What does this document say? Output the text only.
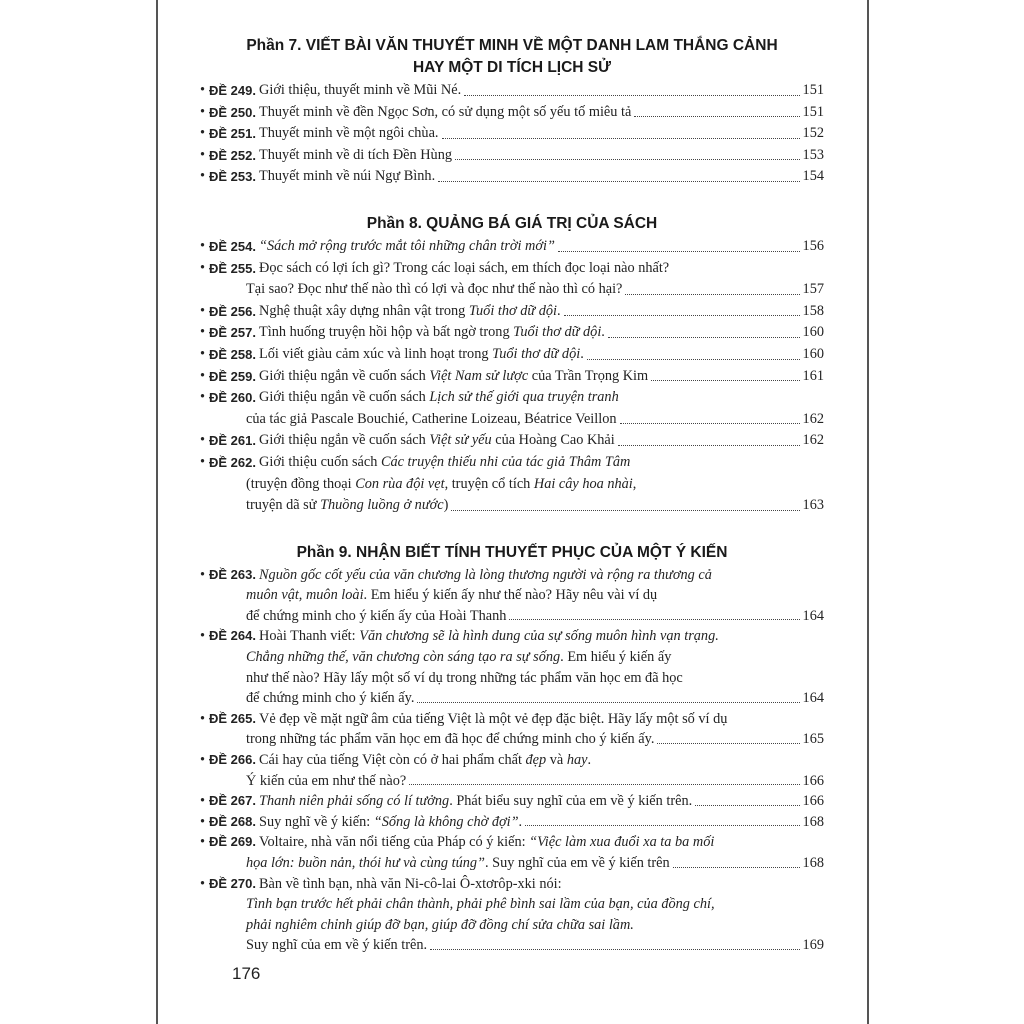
Phần 7. VIẾT BÀI VĂN THUYẾT MINH VỀ MỘT DANH LAM THẮNG CẢNH
HAY MỘT DI TÍCH LỊCH SỬ
• ĐỀ 249 . Giới thiệu, thuyết minh về Mũi Né.	151
• ĐỀ 250 . Thuyết minh về đền Ngọc Sơn, có sử dụng một số yếu tố miêu tả	151
• ĐỀ 251 . Thuyết minh về một ngôi chùa.	152
• ĐỀ 252 . Thuyết minh về di tích Đền Hùng	153
• ĐỀ 253 . Thuyết minh về núi Ngự Bình.	154
Phần 8. QUẢNG BÁ GIÁ TRỊ CỦA SÁCH
• ĐỀ 254 . “Sách mở rộng trước mắt tôi những chân trời mới”	156
• ĐỀ 255 . Đọc sách có lợi ích gì? Trong các loại sách, em thích đọc loại nào nhất?
Tại sao? Đọc như thế nào thì có lợi và đọc như thế nào thì có hại?	157
• ĐỀ 256 . Nghệ thuật xây dựng nhân vật trong Tuổi thơ dữ dội .	158
• ĐỀ 257 . Tình huống truyện hồi hộp và bất ngờ trong Tuổi thơ dữ dội .	160
• ĐỀ 258 . Lối viết giàu cảm xúc và linh hoạt trong Tuổi thơ dữ dội .	160
• ĐỀ 259 . Giới thiệu ngắn về cuốn sách Việt Nam sử lược của Trần Trọng Kim	161
• ĐỀ 260 . Giới thiệu ngắn về cuốn sách Lịch sử thế giới qua truyện tranh
của tác giả Pascale Bouchié, Catherine Loizeau, Béatrice Veillon	162
• ĐỀ 261 . Giới thiệu ngắn về cuốn sách Việt sử yếu của Hoàng Cao Khải	162
• ĐỀ 262 . Giới thiệu cuốn sách Các truyện thiếu nhi của tác giả Thâm Tâm
(truyện đồng thoại Con rùa đội vẹt , truyện cổ tích Hai cây hoa nhài ,
truyện dã sử Thuồng luồng ở nước )	163
Phần 9. NHẬN BIẾT TÍNH THUYẾT PHỤC CỦA MỘT Ý KIẾN
• ĐỀ 263 . Nguồn gốc cốt yếu của văn chương là lòng thương người và rộng ra thương cả
muôn vật, muôn loài . Em hiểu ý kiến ấy như thế nào? Hãy nêu vài ví dụ
để chứng minh cho ý kiến ấy của Hoài Thanh	164
• ĐỀ 264 . Hoài Thanh viết: Văn chương sẽ là hình dung của sự sống muôn hình vạn trạng.
Chẳng những thế, văn chương còn sáng tạo ra sự sống . Em hiểu ý kiến ấy
như thế nào? Hãy lấy một số ví dụ trong những tác phẩm văn học em đã học
để chứng minh cho ý kiến ấy.	164
• ĐỀ 265 . Vẻ đẹp về mặt ngữ âm của tiếng Việt là một vẻ đẹp đặc biệt. Hãy lấy một số ví dụ
trong những tác phẩm văn học em đã học để chứng minh cho ý kiến ấy.	165
• ĐỀ 266 . Cái hay của tiếng Việt còn có ở hai phẩm chất đẹp và hay .
Ý kiến của em như thế nào?	166
• ĐỀ 267 . Thanh niên phải sống có lí tưởng . Phát biểu suy nghĩ của em về ý kiến trên.	166
• ĐỀ 268 . Suy nghĩ về ý kiến: “Sống là không chờ đợi” .	168
• ĐỀ 269 . Voltaire, nhà văn nổi tiếng của Pháp có ý kiến: “Việc làm xua đuổi xa ta ba mối
họa lớn: buồn nản, thói hư và cùng túng” . Suy nghĩ của em về ý kiến trên	168
• ĐỀ 270 . Bàn về tình bạn, nhà văn Ni-cô-lai Ô-xtơrôp-xki nói:
Tình bạn trước hết phải chân thành, phải phê bình sai lầm của bạn, của đồng chí,
phải nghiêm chỉnh giúp đỡ bạn, giúp đỡ đồng chí sửa chữa sai lầm.
Suy nghĩ của em về ý kiến trên.	169
176
